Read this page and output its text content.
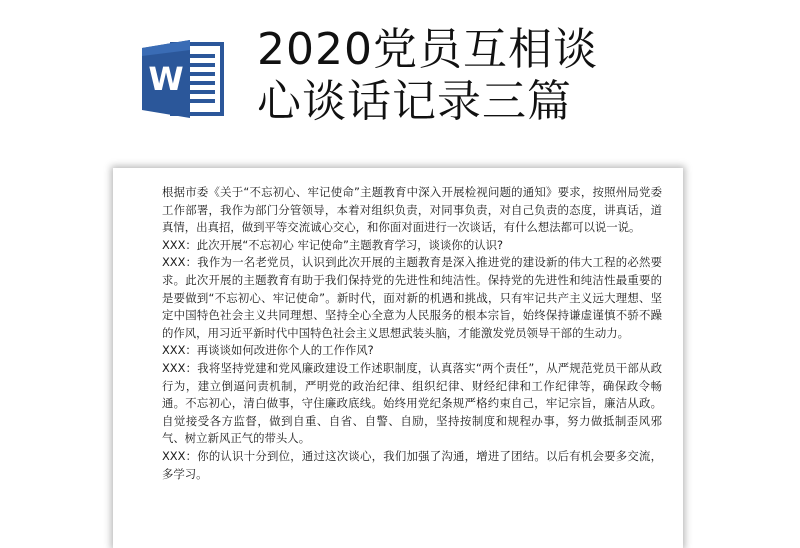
W
2020党员互相谈
心谈话记录三篇

根据市委《关于“不忘初心、牢记使命”主题教育中深入开展检视问题的通知》要求，按照州局党委工作部署，我作为部门分管领导，本着对组织负责，对同事负责，对自己负责的态度，讲真话，道真情，出真招，做到平等交流诚心交心，和你面对面进行一次谈话，有什么想法都可以说一说。

XXX：此次开展“不忘初心 牢记使命”主题教育学习，谈谈你的认识?

XXX：我作为一名老党员，认识到此次开展的主题教育是深入推进党的建设新的伟大工程的必然要求。此次开展的主题教育有助于我们保持党的先进性和纯洁性。保持党的先进性和纯洁性最重要的是要做到“不忘初心、牢记使命”。新时代，面对新的机遇和挑战，只有牢记共产主义远大理想、坚定中国特色社会主义共同理想、坚持全心全意为人民服务的根本宗旨，始终保持谦虚谨慎不骄不躁的作风，用习近平新时代中国特色社会主义思想武装头脑，才能激发党员领导干部的生动力。

XXX：再谈谈如何改进你个人的工作作风?

XXX：我将坚持党建和党风廉政建设工作述职制度，认真落实“两个责任”，从严规范党员干部从政行为，建立倒逼问责机制，严明党的政治纪律、组织纪律、财经纪律和工作纪律等，确保政令畅通。不忘初心，清白做事，守住廉政底线。始终用党纪条规严格约束自己，牢记宗旨，廉洁从政。自觉接受各方监督，做到自重、自省、自警、自励，坚持按制度和规程办事，努力做抵制歪风邪气、树立新风正气的带头人。

XXX：你的认识十分到位，通过这次谈心，我们加强了沟通，增进了团结。以后有机会要多交流，多学习。
